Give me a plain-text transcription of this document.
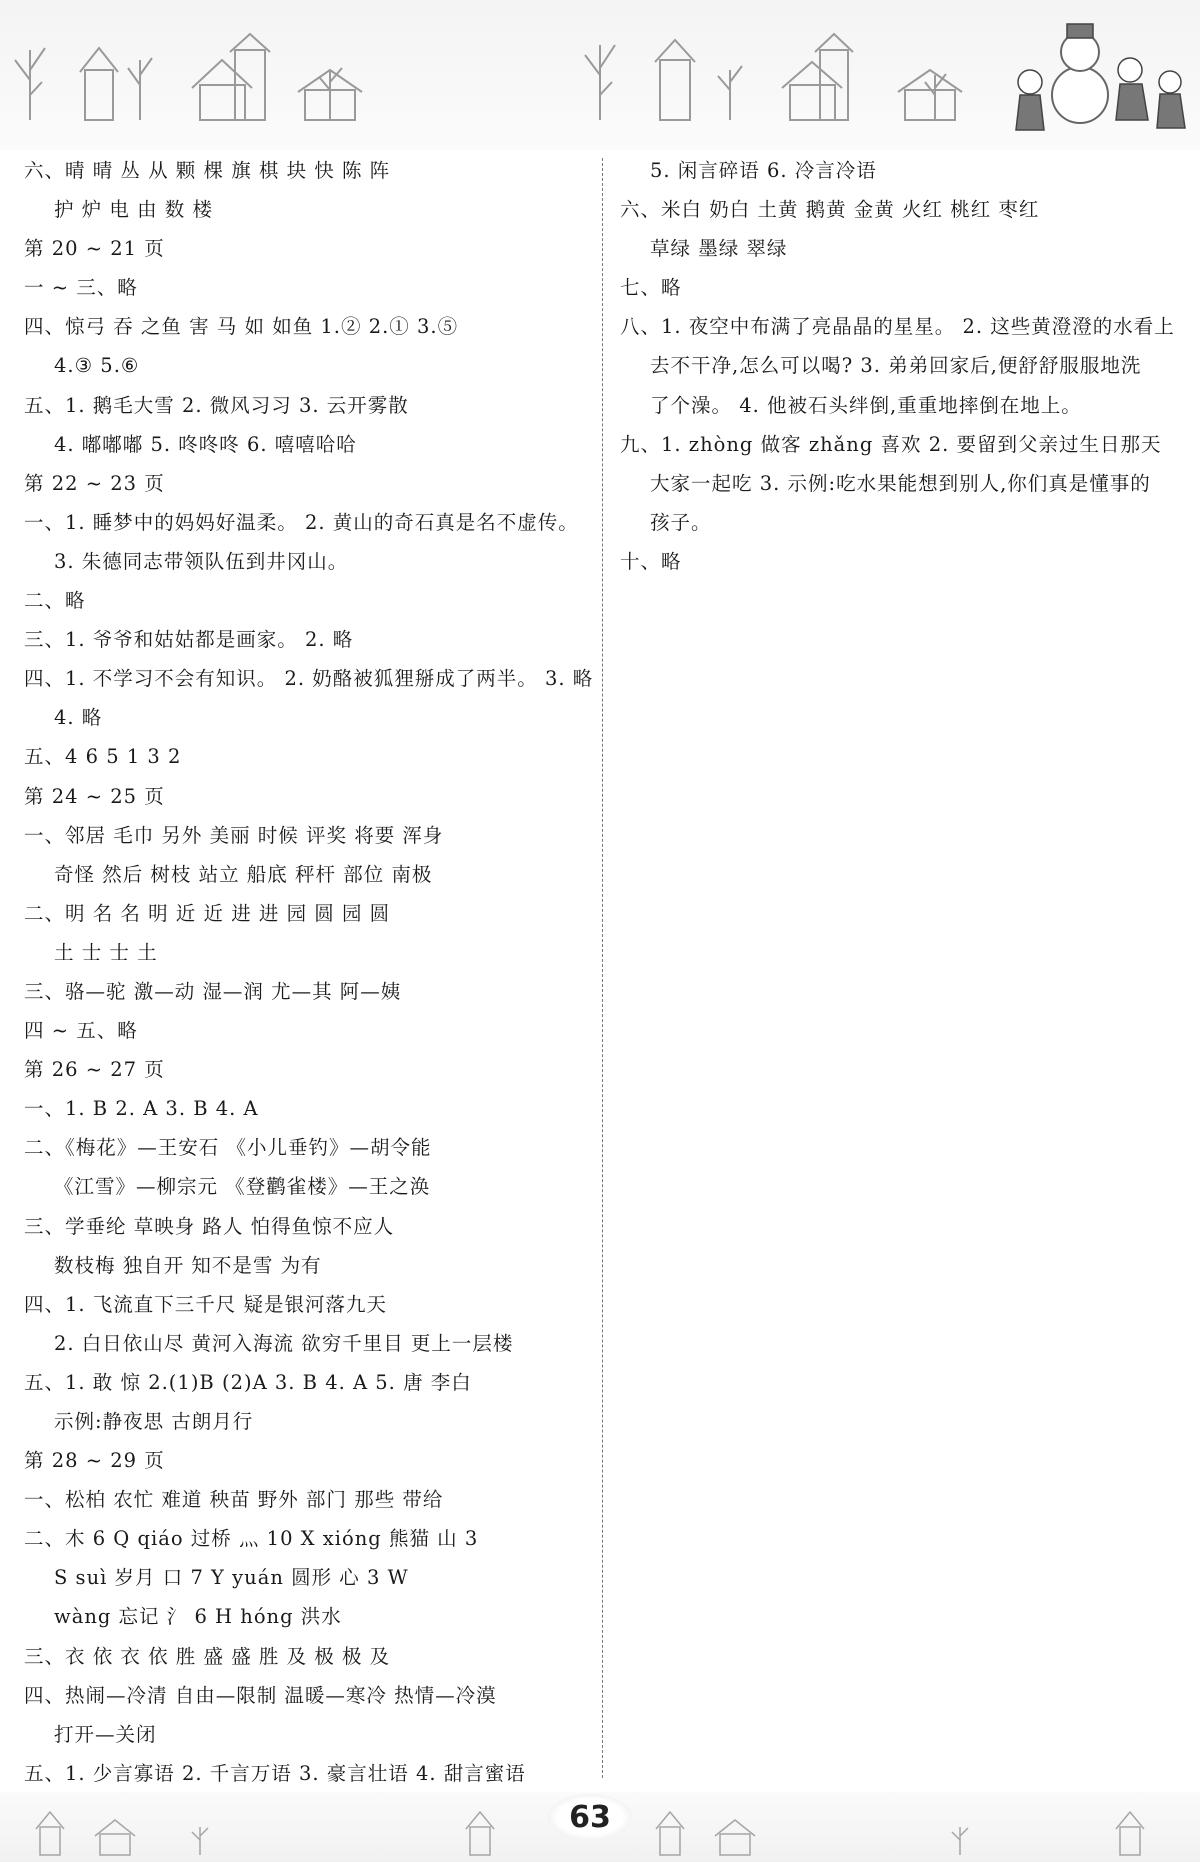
六、晴 晴 丛 从 颗 棵 旗 棋 块 快 陈 阵
护 炉 电 由 数 楼
第 20 ~ 21 页
一 ~ 三、略
四、惊弓 吞 之鱼 害 马 如 如鱼 1.② 2.① 3.⑤
4.③ 5.⑥
五、1. 鹅毛大雪 2. 微风习习 3. 云开雾散
4. 嘟嘟嘟 5. 咚咚咚 6. 嘻嘻哈哈
第 22 ~ 23 页
一、1. 睡梦中的妈妈好温柔。 2. 黄山的奇石真是名不虚传。
3. 朱德同志带领队伍到井冈山。
二、略
三、1. 爷爷和姑姑都是画家。 2. 略
四、1. 不学习不会有知识。 2. 奶酪被狐狸掰成了两半。 3. 略
4. 略
五、4 6 5 1 3 2
第 24 ~ 25 页
一、邻居 毛巾 另外 美丽 时候 评奖 将要 浑身
奇怪 然后 树枝 站立 船底 秤杆 部位 南极
二、明 名 名 明 近 近 进 进 园 圆 园 圆
土 士 士 土
三、骆—驼 激—动 湿—润 尤—其 阿—姨
四 ~ 五、略
第 26 ~ 27 页
一、1. B 2. A 3. B 4. A
二、《梅花》—王安石 《小儿垂钓》—胡令能
《江雪》—柳宗元 《登鹳雀楼》—王之涣
三、学垂纶 草映身 路人 怕得鱼惊不应人
数枝梅 独自开 知不是雪 为有
四、1. 飞流直下三千尺 疑是银河落九天
2. 白日依山尽 黄河入海流 欲穷千里目 更上一层楼
五、1. 敢 惊 2.(1)B (2)A 3. B 4. A 5. 唐 李白
示例:静夜思 古朗月行
第 28 ~ 29 页
一、松柏 农忙 难道 秧苗 野外 部门 那些 带给
二、木 6 Q qiáo 过桥 灬 10 X xióng 熊猫 山 3
S suì 岁月 口 7 Y yuán 圆形 心 3 W
wàng 忘记 氵 6 H hóng 洪水
三、衣 依 衣 依 胜 盛 盛 胜 及 极 极 及
四、热闹—冷清 自由—限制 温暖—寒冷 热情—冷漠
打开—关闭
五、1. 少言寡语 2. 千言万语 3. 豪言壮语 4. 甜言蜜语
5. 闲言碎语 6. 冷言冷语
六、米白 奶白 土黄 鹅黄 金黄 火红 桃红 枣红
草绿 墨绿 翠绿
七、略
八、1. 夜空中布满了亮晶晶的星星。 2. 这些黄澄澄的水看上
去不干净,怎么可以喝? 3. 弟弟回家后,便舒舒服服地洗
了个澡。 4. 他被石头绊倒,重重地摔倒在地上。
九、1. zhòng 做客 zhǎng 喜欢 2. 要留到父亲过生日那天
大家一起吃 3. 示例:吃水果能想到别人,你们真是懂事的
孩子。
十、略
63
